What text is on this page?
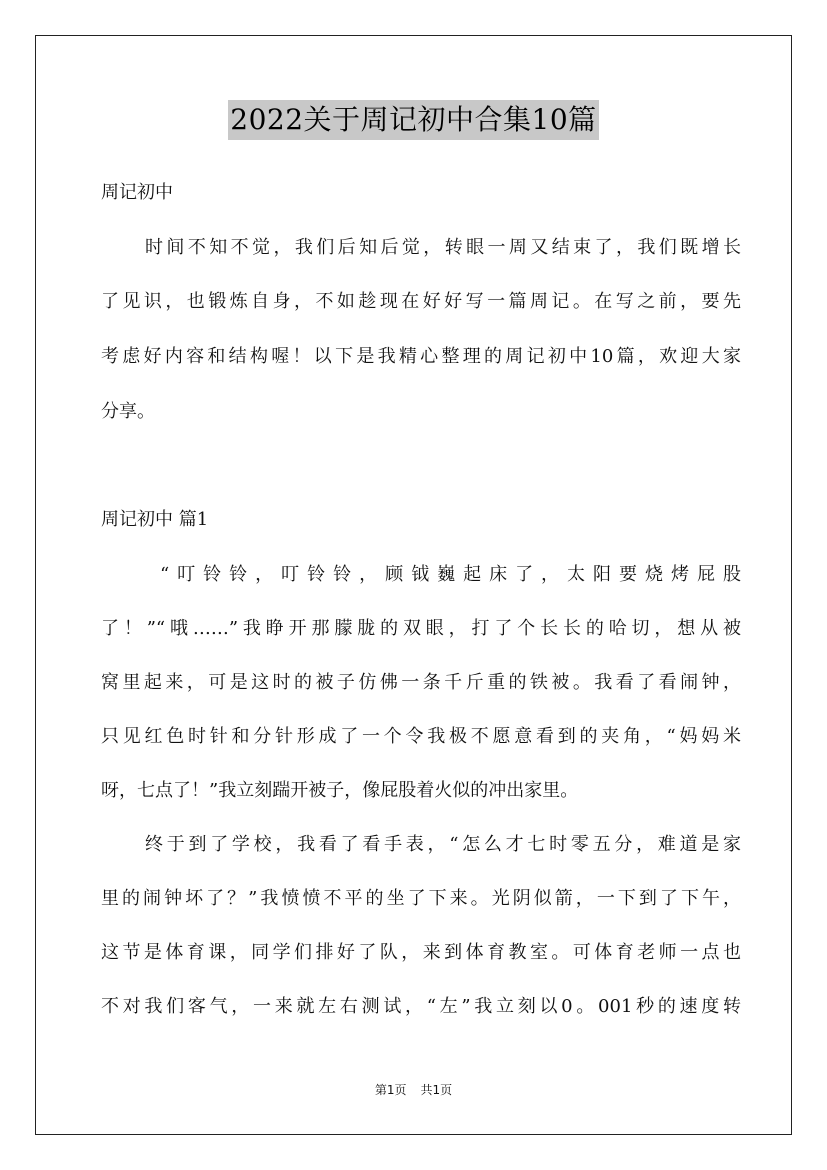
2022关于周记初中合集10篇
周记初中
时间不知不觉，我们后知后觉，转眼一周又结束了，我们既增长
了见识，也锻炼自身，不如趁现在好好写一篇周记。在写之前，要先
考虑好内容和结构喔！以下是我精心整理的周记初中10篇，欢迎大家
分享。
周记初中 篇1
“叮铃铃，叮铃铃，顾钺巍起床了，太阳要烧烤屁股
了！”“哦……”我睁开那朦胧的双眼，打了个长长的哈切，想从被
窝里起来，可是这时的被子仿佛一条千斤重的铁被。我看了看闹钟，
只见红色时针和分针形成了一个令我极不愿意看到的夹角，“妈妈米
呀，七点了！”我立刻踹开被子，像屁股着火似的冲出家里。
终于到了学校，我看了看手表，“怎么才七时零五分，难道是家
里的闹钟坏了？”我愤愤不平的坐了下来。光阴似箭，一下到了下午，
这节是体育课，同学们排好了队，来到体育教室。可体育老师一点也
不对我们客气，一来就左右测试，“左”我立刻以0。001秒的速度转
第1页 共1页
